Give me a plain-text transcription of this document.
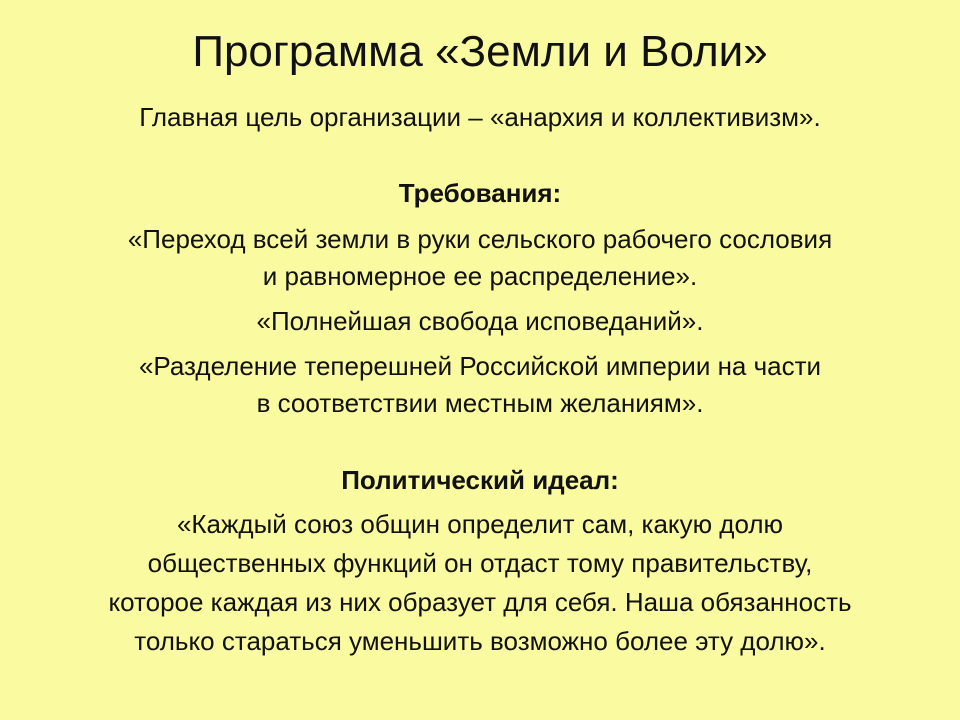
Программа «Земли и Воли»
Главная цель организации – «анархия и коллективизм».
Требования:
«Переход всей земли в руки сельского рабочего сословия
и равномерное ее распределение».
«Полнейшая свобода исповеданий».
«Разделение теперешней Российской империи на части
в соответствии местным желаниям».
Политический идеал:
«Каждый союз общин определит сам, какую долю
общественных функций он отдаст тому правительству,
которое каждая из них образует для себя. Наша обязанность
только стараться уменьшить возможно более эту долю».
